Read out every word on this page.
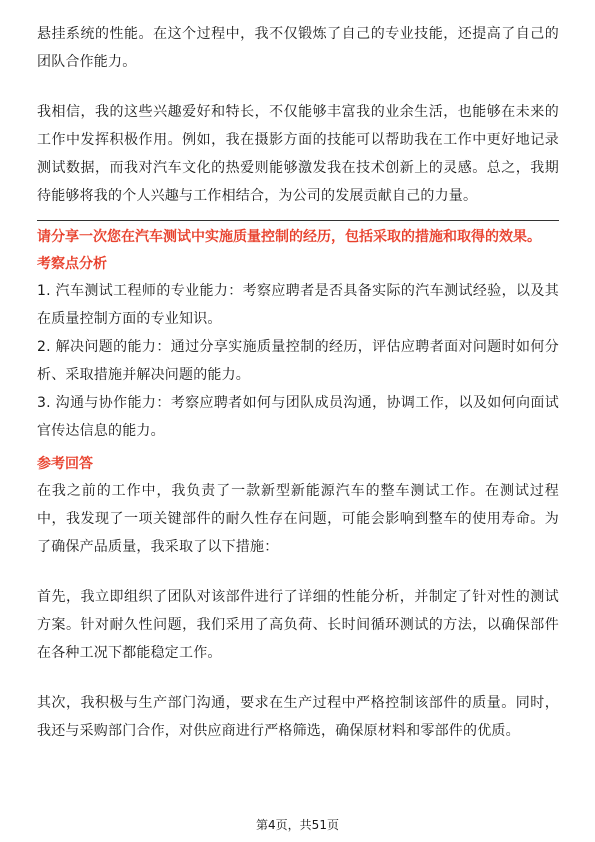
悬挂系统的性能。在这个过程中，我不仅锻炼了自己的专业技能，还提高了自己的团队合作能力。

我相信，我的这些兴趣爱好和特长，不仅能够丰富我的业余生活，也能够在未来的工作中发挥积极作用。例如，我在摄影方面的技能可以帮助我在工作中更好地记录测试数据，而我对汽车文化的热爱则能够激发我在技术创新上的灵感。总之，我期待能够将我的个人兴趣与工作相结合，为公司的发展贡献自己的力量。

请分享一次您在汽车测试中实施质量控制的经历，包括采取的措施和取得的效果。

考察点分析

1. 汽车测试工程师的专业能力：考察应聘者是否具备实际的汽车测试经验，以及其在质量控制方面的专业知识。

2. 解决问题的能力：通过分享实施质量控制的经历，评估应聘者面对问题时如何分析、采取措施并解决问题的能力。

3. 沟通与协作能力：考察应聘者如何与团队成员沟通，协调工作，以及如何向面试官传达信息的能力。

参考回答

在我之前的工作中，我负责了一款新型新能源汽车的整车测试工作。在测试过程中，我发现了一项关键部件的耐久性存在问题，可能会影响到整车的使用寿命。为了确保产品质量，我采取了以下措施：

首先，我立即组织了团队对该部件进行了详细的性能分析，并制定了针对性的测试方案。针对耐久性问题，我们采用了高负荷、长时间循环测试的方法，以确保部件在各种工况下都能稳定工作。

其次，我积极与生产部门沟通，要求在生产过程中严格控制该部件的质量。同时，我还与采购部门合作，对供应商进行严格筛选，确保原材料和零部件的优质。

第4页，共51页
